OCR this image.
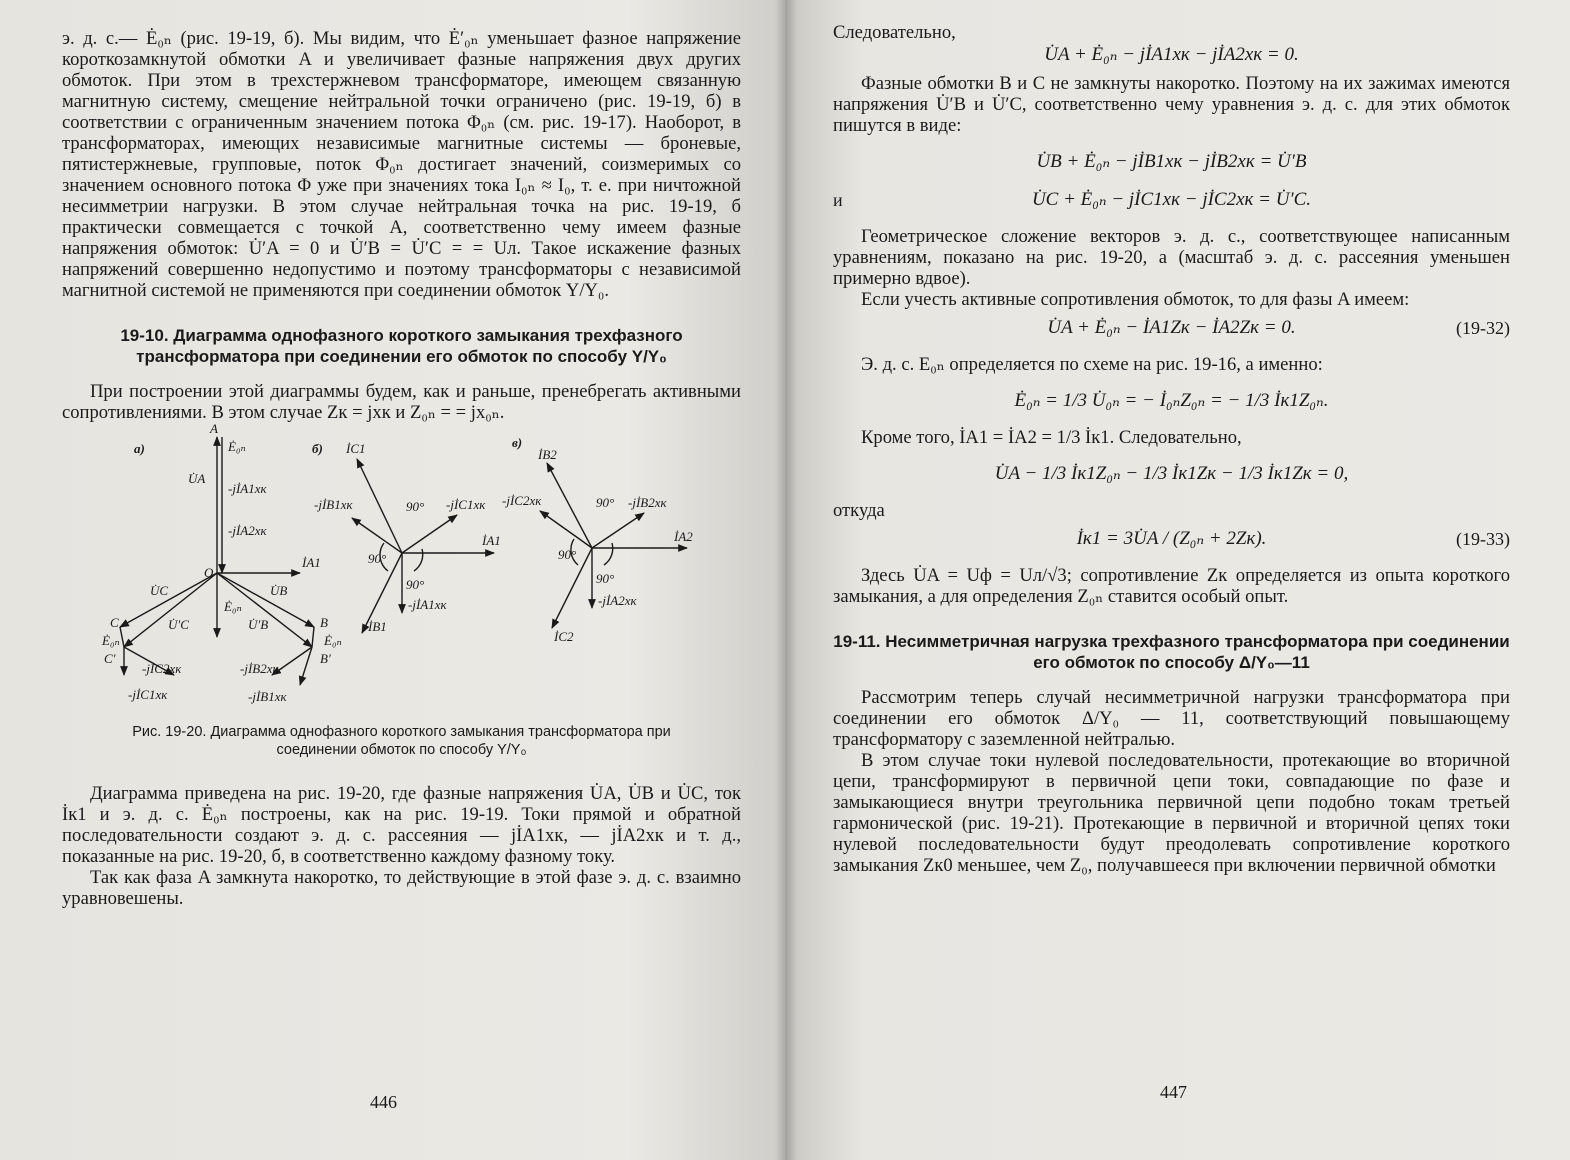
э. д. с.— Ė₀ₙ (рис. 19-19, б). Мы видим, что Ė′₀ₙ уменьшает фазное напряжение короткозамкнутой обмотки A и увеличивает фазные напряжения двух других обмоток. При этом в трехстержневом трансформаторе, имеющем связанную магнитную систему, смещение нейтральной точки ограничено (рис. 19-19, б) в соответствии с ограниченным значением потока Φ₀ₙ (см. рис. 19-17). Наоборот, в трансформаторах, имеющих независимые магнитные системы — броневые, пятистержневые, групповые, поток Φ₀ₙ достигает значений, соизмеримых со значением основного потока Φ уже при значениях тока I₀ₙ ≈ I₀, т. е. при ничтожной несимметрии нагрузки. В этом случае нейтральная точка на рис. 19-19, б практически совмещается с точкой A, соответственно чему имеем фазные напряжения обмоток: U̇′A = 0 и U̇′B = U̇′C = = Uл. Такое искажение фазных напряжений совершенно недопустимо и поэтому трансформаторы с независимой магнитной системой не применяются при соединении обмоток Y/Y₀.

19-10. Диаграмма однофазного короткого замыкания трехфазного трансформатора при соединении его обмоток по способу Y/Y₀

При построении этой диаграммы будем, как и раньше, пренебрегать активными сопротивлениями. В этом случае Zк = jxк и Z₀ₙ = = jx₀ₙ.

а)
A
Ė₀ₙ
U̇A
-jİA1xк
-jİA2xк
O
İA1
U̇C	U̇B
Ė₀ₙ
U̇′C	U̇′B
C
Ė₀ₙ
C′
B
Ė₀ₙ
B′
-jİC2xк	-jİB2xк
-jİC1xк	-jİB1xк
б) İC1
-jİB1xк	90° -jİC1xк
İA1
90°
90°
İB1
-jİA1xк
в)
İB2
-jİC2xк	90° -jİB2xк
İA2
90°
90°
-jİA2xк
İC2

Рис. 19-20. Диаграмма однофазного короткого замыкания трансформатора при соединении обмоток по способу Y/Y₀

Диаграмма приведена на рис. 19-20, где фазные напряжения U̇A, U̇B и U̇C, ток İк1 и э. д. с. Ė₀ₙ построены, как на рис. 19-19. Токи прямой и обратной последовательности создают э. д. с. рассеяния — jİA1xк, — jİA2xк и т. д., показанные на рис. 19-20, б, в соответственно каждому фазному току.

Так как фаза A замкнута накоротко, то действующие в этой фазе э. д. с. взаимно уравновешены.

446

Следовательно,

U̇A + Ė₀ₙ − jİA1xк − jİA2xк = 0.

Фазные обмотки B и C не замкнуты накоротко. Поэтому на их зажимах имеются напряжения U̇′B и U̇′C, соответственно чему уравнения э. д. с. для этих обмоток пишутся в виде:

U̇B + Ė₀ₙ − jİB1xк − jİB2xк = U̇′B

и	U̇C + Ė₀ₙ − jİC1xк − jİC2xк = U̇′C.

Геометрическое сложение векторов э. д. с., соответствующее написанным уравнениям, показано на рис. 19-20, а (масштаб э. д. с. рассеяния уменьшен примерно вдвое).

Если учесть активные сопротивления обмоток, то для фазы A имеем:

U̇A + Ė₀ₙ − İA1Zк − İA2Zк = 0.	(19-32)

Э. д. с. E₀ₙ определяется по схеме на рис. 19-16, а именно:

Ė₀ₙ = 1/3 U̇₀ₙ = − İ₀ₙZ₀ₙ = − 1/3 İк1Z₀ₙ.

Кроме того, İA1 = İA2 = 1/3 İк1. Следовательно,

U̇A − 1/3 İк1Z₀ₙ − 1/3 İк1Zк − 1/3 İк1Zк = 0,

откуда

İк1 = 3U̇A / (Z₀ₙ + 2Zк).	(19-33)

Здесь U̇A = Uф = Uл/√3; сопротивление Zк определяется из опыта короткого замыкания, а для определения Z₀ₙ ставится особый опыт.

19-11. Несимметричная нагрузка трехфазного трансформатора при соединении его обмоток по способу Δ/Y₀—11

Рассмотрим теперь случай несимметричной нагрузки трансформатора при соединении его обмоток Δ/Y₀ — 11, соответствующий повышающему трансформатору с заземленной нейтралью.

В этом случае токи нулевой последовательности, протекающие во вторичной цепи, трансформируют в первичной цепи токи, совпадающие по фазе и замыкающиеся внутри треугольника первичной цепи подобно токам третьей гармонической (рис. 19-21). Протекающие в первичной и вторичной цепях токи нулевой последовательности будут преодолевать сопротивление короткого замыкания Zк0 меньшее, чем Z₀, получавшееся при включении первичной обмотки

447
